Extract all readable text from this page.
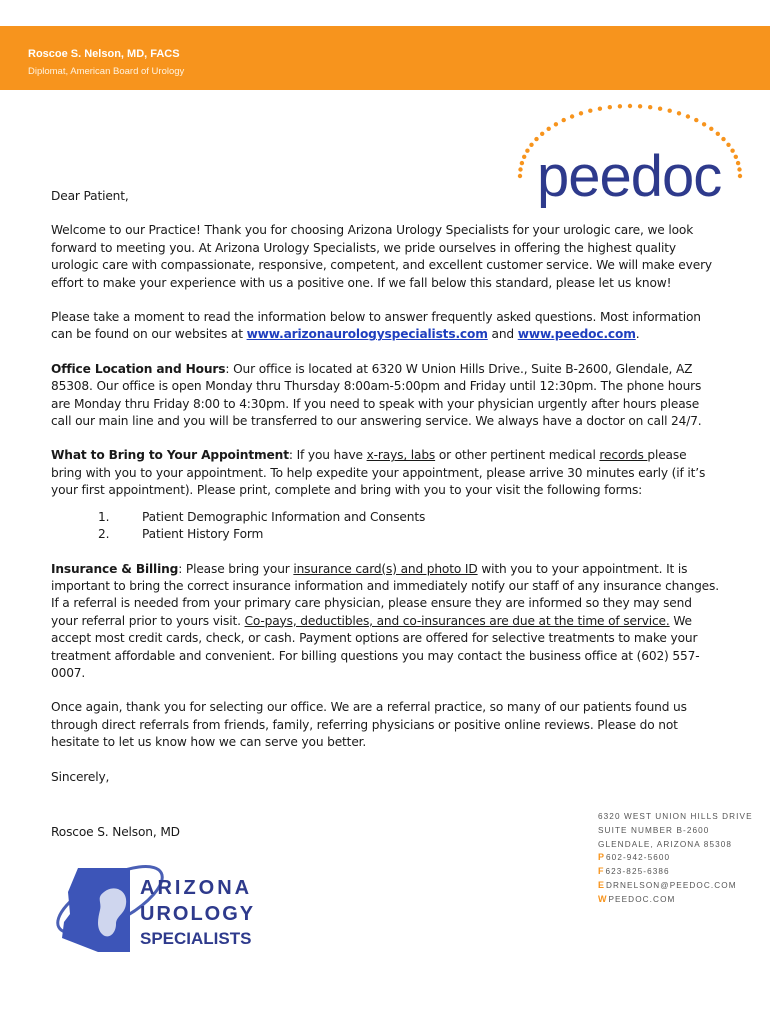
Roscoe S. Nelson, MD, FACS
Diplomat, American Board of Urology
peedoc

Dear Patient,

Welcome to our Practice! Thank you for choosing Arizona Urology Specialists for your urologic care, we look forward to meeting you. At Arizona Urology Specialists, we pride ourselves in offering the highest quality urologic care with compassionate, responsive, competent, and excellent customer service. We will make every effort to make your experience with us a positive one. If we fall below this standard, please let us know!

Please take a moment to read the information below to answer frequently asked questions. Most information can be found on our websites at www.arizonaurologyspecialists.com and www.peedoc.com.

Office Location and Hours: Our office is located at 6320 W Union Hills Drive., Suite B-2600, Glendale, AZ 85308. Our office is open Monday thru Thursday 8:00am-5:00pm and Friday until 12:30pm. The phone hours are Monday thru Friday 8:00 to 4:30pm. If you need to speak with your physician urgently after hours please call our main line and you will be transferred to our answering service. We always have a doctor on call 24/7.

What to Bring to Your Appointment: If you have x-rays, labs or other pertinent medical records please bring with you to your appointment. To help expedite your appointment, please arrive 30 minutes early (if it’s your first appointment). Please print, complete and bring with you to your visit the following forms:

1.	Patient Demographic Information and Consents
2.	Patient History Form

Insurance & Billing: Please bring your insurance card(s) and photo ID with you to your appointment. It is important to bring the correct insurance information and immediately notify our staff of any insurance changes. If a referral is needed from your primary care physician, please ensure they are informed so they may send your referral prior to yours visit. Co-pays, deductibles, and co-insurances are due at the time of service. We accept most credit cards, check, or cash. Payment options are offered for selective treatments to make your treatment affordable and convenient. For billing questions you may contact the business office at (602) 557-0007.

Once again, thank you for selecting our office. We are a referral practice, so many of our patients found us through direct referrals from friends, family, referring physicians or positive online reviews. Please do not hesitate to let us know how we can serve you better.

Sincerely,

Roscoe S. Nelson, MD

6320 WEST UNION HILLS DRIVE
SUITE NUMBER B-2600
GLENDALE, ARIZONA 85308
P 602-942-5600
F 623-825-6386
E DRNELSON@PEEDOC.COM
W PEEDOC.COM
ARIZONA
UROLOGY
SPECIALISTS
